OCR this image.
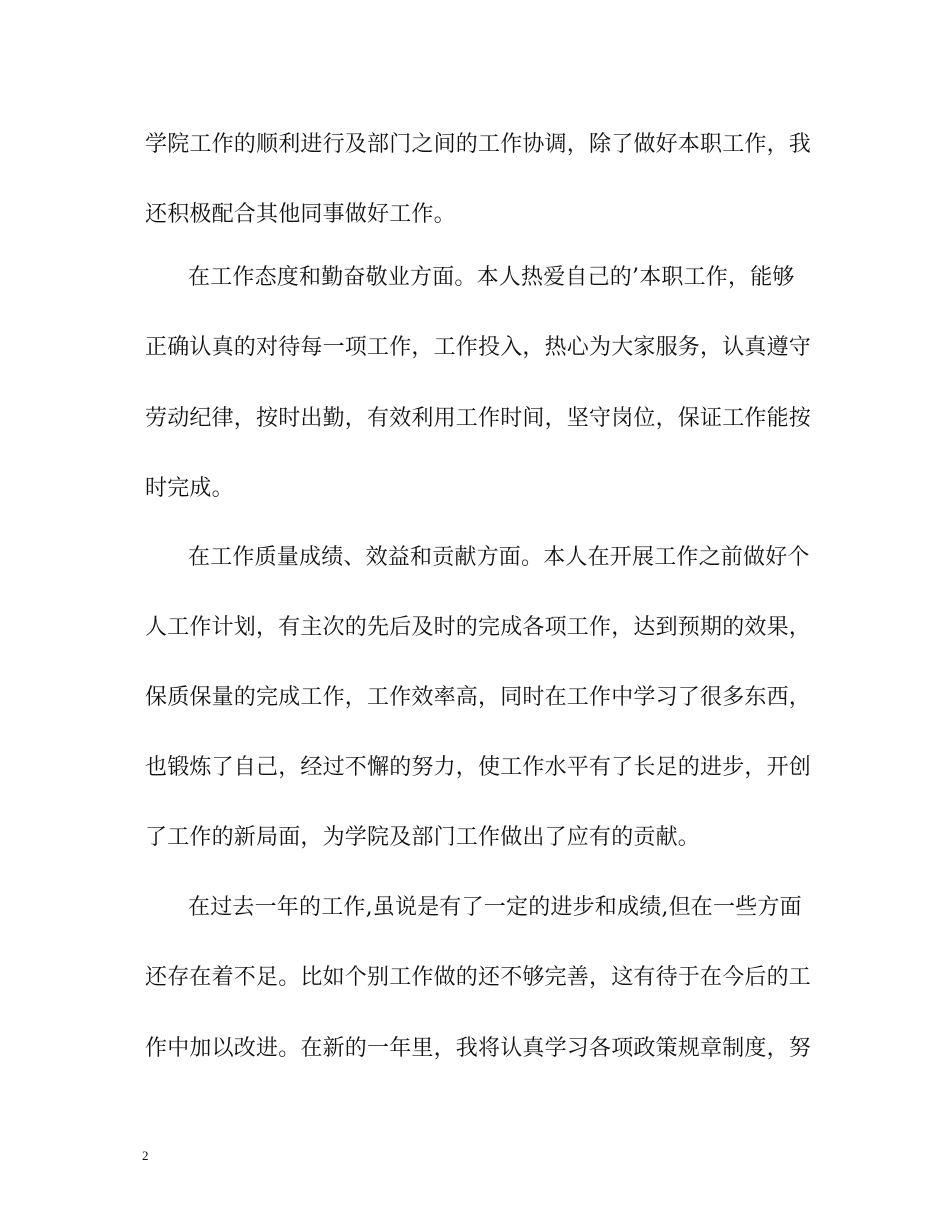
学院工作的顺利进行及部门之间的工作协调，除了做好本职工作，我
还积极配合其他同事做好工作。
在工作态度和勤奋敬业方面。本人热爱自己的’本职工作，能够
正确认真的对待每一项工作，工作投入，热心为大家服务，认真遵守
劳动纪律，按时出勤，有效利用工作时间，坚守岗位，保证工作能按
时完成。
在工作质量成绩、效益和贡献方面。本人在开展工作之前做好个
人工作计划，有主次的先后及时的完成各项工作，达到预期的效果，
保质保量的完成工作，工作效率高，同时在工作中学习了很多东西，
也锻炼了自己，经过不懈的努力，使工作水平有了长足的进步，开创
了工作的新局面，为学院及部门工作做出了应有的贡献。
在过去一年的工作,虽说是有了一定的进步和成绩,但在一些方面
还存在着不足。比如个别工作做的还不够完善，这有待于在今后的工
作中加以改进。在新的一年里，我将认真学习各项政策规章制度，努
2
